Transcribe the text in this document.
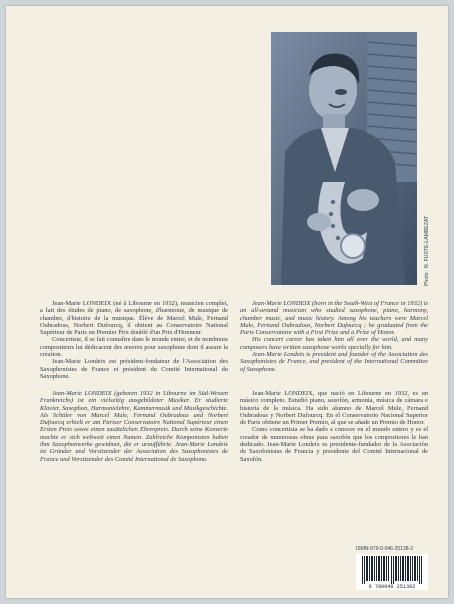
Photo : N. FUSTÉ-LAMBEZAT

Jean-Marie LONDEIX (né à Libourne en 1932), musicien complet, a fait des études de piano, de saxophone, d'harmonie, de musique de chambre, d'histoire de la musique. Élève de Marcel Mule, Fernand Oubradous, Norbert Dufourcq, il obtient au Conservatoire National Supérieur de Paris un Premier Prix doublé d'un Prix d'Honneur.

Concertiste, il se fait connaître dans le monde entier, et de nombreux compositeurs lui dédicacent des œuvres pour saxophone dont il assure la création.

Jean-Marie Londeix est président-fondateur de l'Association des Saxophonistes de France et président du Comité International du Saxophone.

Jean-Marie LONDEIX (born in the South-West of France in 1932) is an all-around musician who studied saxophone, piano, harmony, chamber music, and music history. Among his teachers were Marcel Mule, Fernand Oubradous, Norbert Dufourcq ; he graduated from the Paris Conservatoire with a First Prize and a Prize of Honor.

His concert career has taken him all over the world, and many composers have written saxophone works specially for him.

Jean-Marie Londeix is president and founder of the Association des Saxophonistes de France, and president of the International Committee of Saxophone.

Jean-Marie LONDEIX (geboren 1932 in Libourne im Süd-Westen Frankreichs) ist ein vielseitig ausgebildeter Musiker. Er studierte Klavier, Saxophon, Harmonielehre, Kammermusik und Musikgeschichte. Als Schüler von Marcel Mule, Fernand Oubradous und Norbert Dufourcq erhielt er am Pariser Conservatoire National Supérieur einen Ersten Preis sowie einen zusätzlichen Ehrenpreis. Durch seine Konzerte machte er sich weltweit einen Namen. Zahlreiche Komponisten haben ihm Saxophonwerke gewidmet, die er uraufführte. Jean-Marie Londeix ist Gründer und Vorsitzender der Association des Saxophonistes de France und Vorsitzender des Comité International de Saxophone.

Jean-Marie LONDEIX, que nació en Libourne en 1932, es un músico completo. Estudió piano, saxofón, armonía, música de cámara e historia de la música. Ha sido alumno de Marcel Mule, Fernand Oubradous y Norbert Dufourcq. En el Conservatorio Nacional Superior de Paris obtiene un Primer Premio, al que se añade un Premio de Honor.

Como concertista se ha dado a conocer en el mundo entero y es el creador de numerosas obras para saxofón que los compositores le han dedicado. Jean-Marie Londeix es presidente-fundador de la Asociación de Saxofonistas de Francia y presidente del Comité Internacional de Saxofón.

ISMN-979-0-046-25138-2
9 790046 251382
